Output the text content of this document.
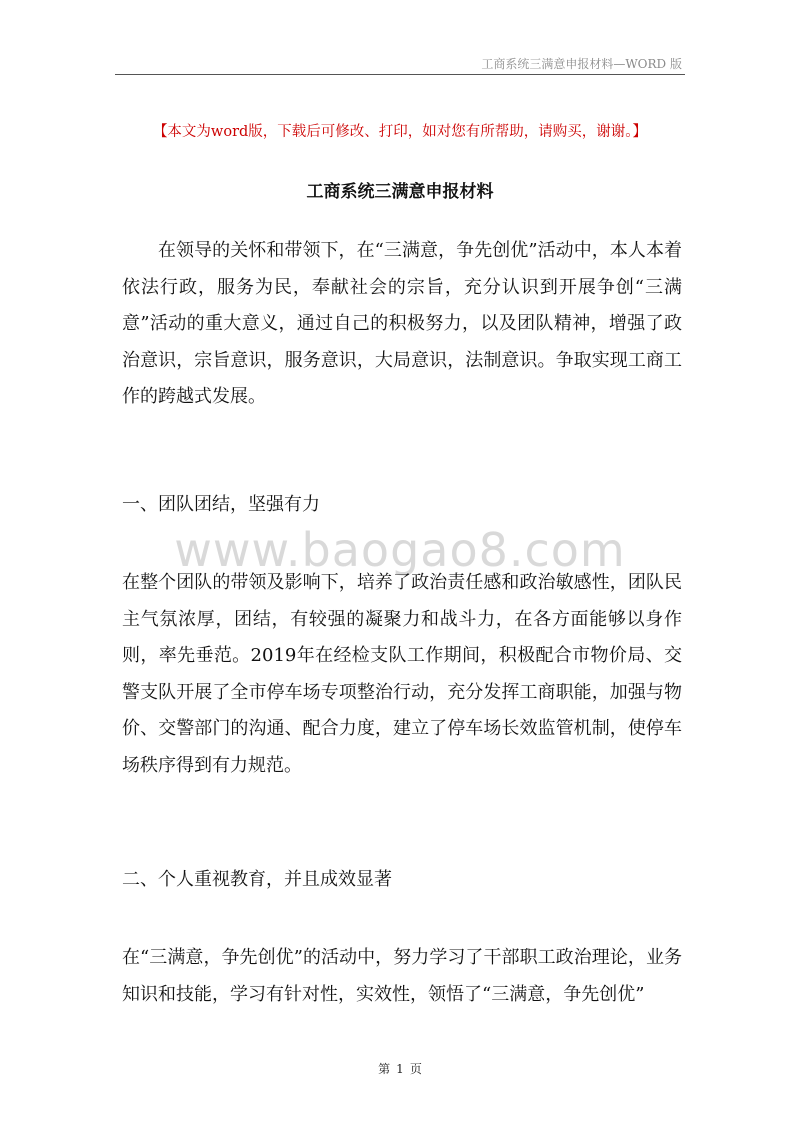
工商系统三满意申报材料—WORD 版
【本文为word版，下载后可修改、打印，如对您有所帮助，请购买，谢谢。】
工商系统三满意申报材料
在领导的关怀和带领下，在“三满意，争先创优”活动中，本人本着依法行政，服务为民，奉献社会的宗旨，充分认识到开展争创“三满意”活动的重大意义，通过自己的积极努力，以及团队精神，增强了政治意识，宗旨意识，服务意识，大局意识，法制意识。争取实现工商工作的跨越式发展。
一、团队团结，坚强有力
www.baogao8.com
在整个团队的带领及影响下，培养了政治责任感和政治敏感性，团队民主气氛浓厚，团结，有较强的凝聚力和战斗力，在各方面能够以身作则，率先垂范。2019年在经检支队工作期间，积极配合市物价局、交警支队开展了全市停车场专项整治行动，充分发挥工商职能，加强与物价、交警部门的沟通、配合力度，建立了停车场长效监管机制，使停车场秩序得到有力规范。
二、个人重视教育，并且成效显著
在“三满意，争先创优”的活动中，努力学习了干部职工政治理论，业务知识和技能，学习有针对性，实效性，领悟了“三满意，争先创优”
第 1 页
